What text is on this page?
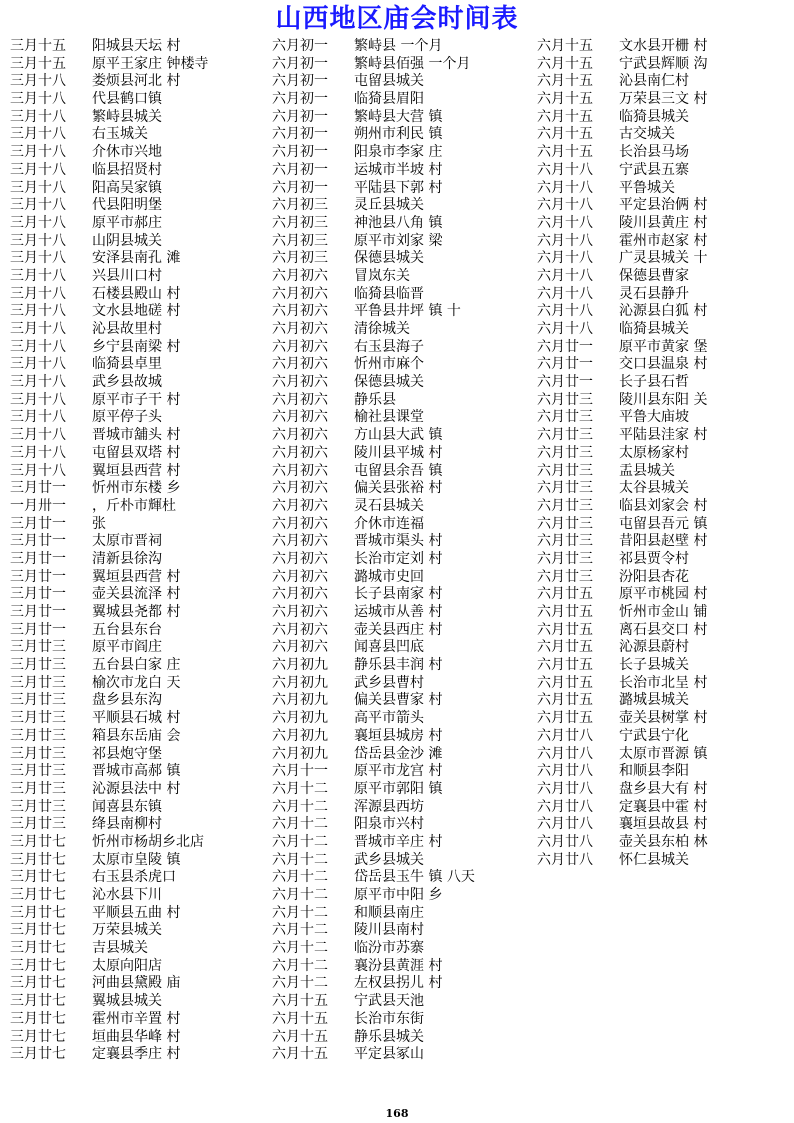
山西地区庙会时间表
三月十五 阳城县天坛 村
三月十五 原平王家庄 钟楼寺
三月十八 娄烦县河北 村
三月十八 代县鹤口镇
三月十八 繁峙县城关
三月十八 右玉城关
三月十八 介休市兴地
三月十八 临县招贤村
三月十八 阳高吴家镇
三月十八 代县阳明堡
三月十八 原平市郝庄
三月十八 山阴县城关
三月十八 安泽县南孔 滩
三月十八 兴县川口村
三月十八 石楼县殿山 村
三月十八 文水县地磋 村
三月十八 沁县故里村
三月十八 乡宁县南梁 村
三月十八 临猗县卓里
三月十八 武乡县故城
三月十八 原平市子干 村
三月十八 原平停子头
三月十八 晋城市舖头 村
三月十八 屯留县双塔 村
三月十八 翼垣县西营 村
三月廿一 忻州市东楼 乡
一月卅一 ，斤朴市輝杜
三月廿一 张
三月廿一 太原市晋祠
三月廿一 清新县徐沟
三月廿一 翼垣县西营 村
三月廿一 壶关县流泽 村
三月廿一 翼城县尧都 村
三月廿一 五台县东台
三月廿三 原平市阎庄
三月廿三 五台县白家 庄
三月廿三 榆次市龙白 天
三月廿三 盘乡县东沟
三月廿三 平顺县石城 村
三月廿三 箱县东岳庙 会
三月廿三 祁县炮守堡
三月廿三 晋城市高郝 镇
三月廿三 沁源县法中 村
三月廿三 闻喜县东镇
三月廿三 绛县南柳村
三月廿七 忻州市杨胡乡北店
三月廿七 太原市皇陵 镇
三月廿七 右玉县杀虎口
三月廿七 沁水县下川
三月廿七 平顺县五曲 村
三月廿七 万荣县城关
三月廿七 吉县城关
三月廿七 太原向阳店
三月廿七 河曲县黛殿 庙
三月廿七 翼城县城关
三月廿七 霍州市辛置 村
三月廿七 垣曲县华峰 村
三月廿七 定襄县季庄 村
六月初一 繁峙县 一个月
六月初一 繁峙县佰强 一个月
六月初一 屯留县城关
六月初一 临猗县眉阳
六月初一 繁峙县大营 镇
六月初一 朔州市利民 镇
六月初一 阳泉市李家 庄
六月初一 运城市半坡 村
六月初一 平陆县下郭 村
六月初三 灵丘县城关
六月初三 神池县八角 镇
六月初三 原平市刘家 梁
六月初三 保德县城关
六月初六 冒岚东关
六月初六 临猗县临晋
六月初六 平鲁县井坪 镇 十
六月初六 清徐城关
六月初六 右玉县海子
六月初六 忻州市麻个
六月初六 保德县城关
六月初六 静乐县
六月初六 榆社县课堂
六月初六 方山县大武 镇
六月初六 陵川县平城 村
六月初六 屯留县余吾 镇
六月初六 偏关县张裕 村
六月初六 灵石县城关
六月初六 介休市连福
六月初六 晋城市渠头 村
六月初六 长治市定刘 村
六月初六 潞城市史回
六月初六 长子县南家 村
六月初六 运城市从善 村
六月初六 壶关县西庄 村
六月初六 闻喜县凹底
六月初九 静乐县丰润 村
六月初九 武乡县曹村
六月初九 偏关县曹家 村
六月初九 高平市箭头
六月初九 襄垣县城房 村
六月初九 岱岳县金沙 滩
六月十一 原平市龙宫 村
六月十二 原平市郭阳 镇
六月十二 浑源县西坊
六月十二 阳泉市兴村
六月十二 晋城市辛庄 村
六月十二 武乡县城关
六月十二 岱岳县玉牛 镇 八天
六月十二 原平市中阳 乡
六月十二 和顺县南庄
六月十二 陵川县南村
六月十二 临汾市苏寨
六月十二 襄汾县黄涯 村
六月十二 左权县拐儿 村
六月十五 宁武县天池
六月十五 长治市东街
六月十五 静乐县城关
六月十五 平定县冢山
六月十五 文水县开栅 村
六月十五 宁武县辉顺 沟
六月十五 沁县南仁村
六月十五 万荣县三文 村
六月十五 临猗县城关
六月十五 古交城关
六月十五 长治县马场
六月十八 宁武县五寨
六月十八 平鲁城关
六月十八 平定县治俩 村
六月十八 陵川县黄庄 村
六月十八 霍州市赵家 村
六月十八 广灵县城关 十
六月十八 保德县曹家
六月十八 灵石县静升
六月十八 沁源县白狐 村
六月十八 临猗县城关
六月廿一 原平市黄家 堡
六月廿一 交口县温泉 村
六月廿一 长子县石哲
六月廿三 陵川县东阳 关
六月廿三 平鲁大庙坡
六月廿三 平陆县洼家 村
六月廿三 太原杨家村
六月廿三 盂县城关
六月廿三 太谷县城关
六月廿三 临县刘家会 村
六月廿三 屯留县吾元 镇
六月廿三 昔阳县赵壁 村
六月廿三 祁县贾令村
六月廿三 汾阳县杏花
六月廿五 原平市桃园 村
六月廿五 忻州市金山 铺
六月廿五 离石县交口 村
六月廿五 沁源县蔚村
六月廿五 长子县城关
六月廿五 长治市北呈 村
六月廿五 潞城县城关
六月廿五 壶关县树掌 村
六月廿八 宁武县宁化
六月廿八 太原市晋源 镇
六月廿八 和顺县李阳
六月廿八 盘乡县大有 村
六月廿八 定襄县中霍 村
六月廿八 襄垣县故县 村
六月廿八 壶关县东柏 林
六月廿八 怀仁县城关
168
